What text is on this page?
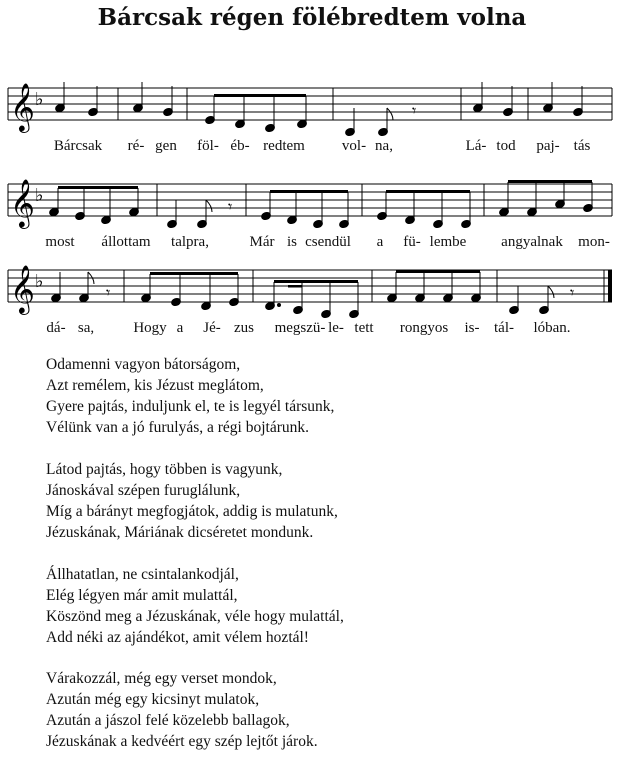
Bárcsak régen fölébredtem volna
𝄞 ♭
𝄾
Bárcsak ré- gen föl- éb- redtem vol- na,	Lá- tod paj- tás
𝄞 ♭
𝄾
most állottam talpra,	Már is csendül a fü- lembe angyalnak mon-
𝄞 ♭
𝄾	𝄾
dá- sa,	Hogy a Jé- zus megszü- le- tett rongyos is- tál- lóban.
Odamenni vagyon bátorságom,
Azt remélem, kis Jézust meglátom,
Gyere pajtás, induljunk el, te is legyél társunk,
Vélünk van a jó furulyás, a régi bojtárunk.
Látod pajtás, hogy többen is vagyunk,
Jánoskával szépen furuglálunk,
Míg a bárányt megfogjátok, addig is mulatunk,
Jézuskának, Máriának dicséretet mondunk.
Állhatatlan, ne csintalankodjál,
Elég légyen már amit mulattál,
Köszönd meg a Jézuskának, véle hogy mulattál,
Add néki az ajándékot, amit vélem hoztál!
Várakozzál, még egy verset mondok,
Azután még egy kicsinyt mulatok,
Azután a jászol felé közelebb ballagok,
Jézuskának a kedvéért egy szép lejtőt járok.
